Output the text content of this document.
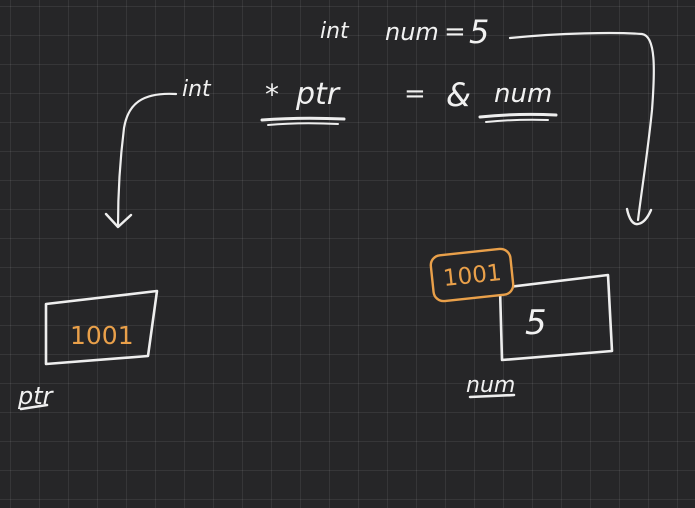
int num = 5
int * ptr = & num
1001
ptr
5
1001
num
